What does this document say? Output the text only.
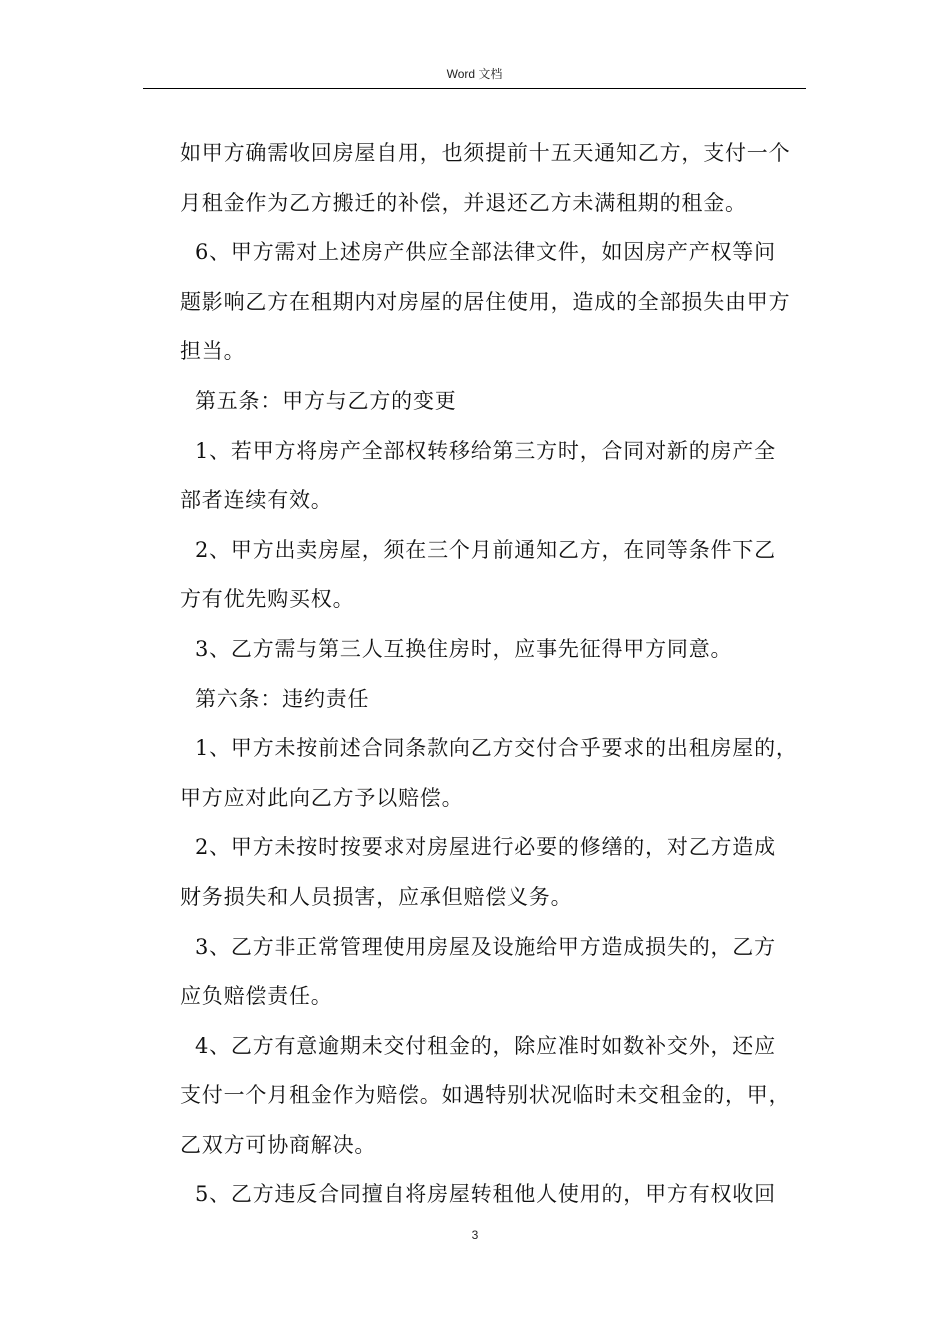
Word 文档

如甲方确需收回房屋自用，也须提前十五天通知乙方，支付一个

月租金作为乙方搬迁的补偿，并退还乙方未满租期的租金。

6、甲方需对上述房产供应全部法律文件，如因房产产权等问

题影响乙方在租期内对房屋的居住使用，造成的全部损失由甲方

担当。

第五条：甲方与乙方的变更

1、若甲方将房产全部权转移给第三方时，合同对新的房产全

部者连续有效。

2、甲方出卖房屋，须在三个月前通知乙方，在同等条件下乙

方有优先购买权。

3、乙方需与第三人互换住房时，应事先征得甲方同意。

第六条：违约责任

1、甲方未按前述合同条款向乙方交付合乎要求的出租房屋的，

甲方应对此向乙方予以赔偿。

2、甲方未按时按要求对房屋进行必要的修缮的，对乙方造成

财务损失和人员损害，应承但赔偿义务。

3、乙方非正常管理使用房屋及设施给甲方造成损失的，乙方

应负赔偿责任。

4、乙方有意逾期未交付租金的，除应准时如数补交外，还应

支付一个月租金作为赔偿。如遇特别状况临时未交租金的，甲，

乙双方可协商解决。

5、乙方违反合同擅自将房屋转租他人使用的，甲方有权收回

3
